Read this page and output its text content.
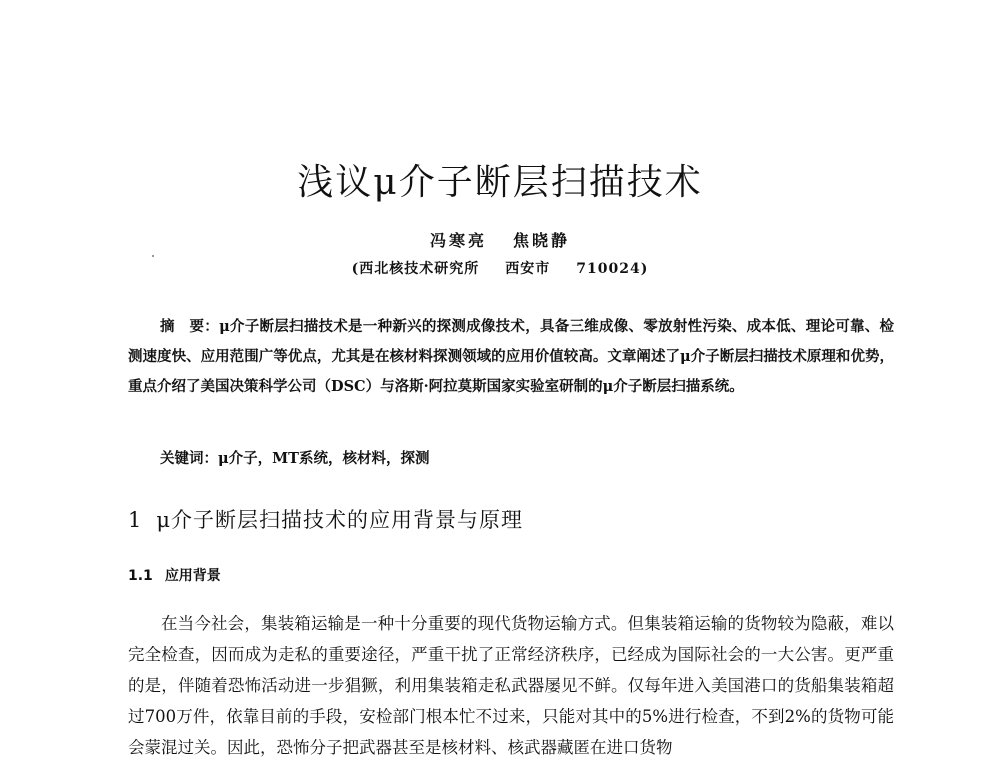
浅议μ介子断层扫描技术
冯寒亮 焦晓静
(西北核技术研究所 西安市 710024)
摘　要：μ介子断层扫描技术是一种新兴的探测成像技术，具备三维成像、零放射性污染、成本低、理论可靠、检测速度快、应用范围广等优点，尤其是在核材料探测领域的应用价值较高。文章阐述了μ介子断层扫描技术原理和优势，重点介绍了美国决策科学公司（DSC）与洛斯·阿拉莫斯国家实验室研制的μ介子断层扫描系统。
关键词：μ介子，MT系统，核材料，探测
1 μ介子断层扫描技术的应用背景与原理
1.1 应用背景

在当今社会，集装箱运输是一种十分重要的现代货物运输方式。但集装箱运输的货物较为隐蔽，难以完全检查，因而成为走私的重要途径，严重干扰了正常经济秩序，已经成为国际社会的一大公害。更严重的是，伴随着恐怖活动进一步猖獗，利用集装箱走私武器屡见不鲜。仅每年进入美国港口的货船集装箱超过700万件，依靠目前的手段，安检部门根本忙不过来，只能对其中的5%进行检查，不到2%的货物可能会蒙混过关。因此，恐怖分子把武器甚至是核材料、核武器藏匿在进口货物
